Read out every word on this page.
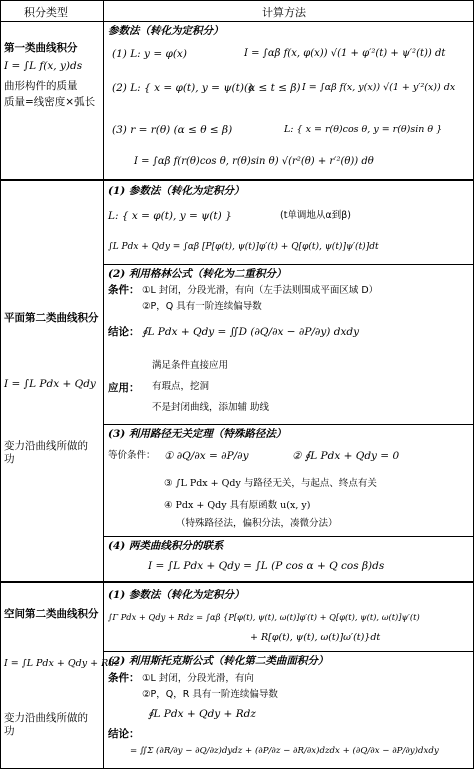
积分类型	计算方法
第一类曲线积分
I = ∫L f(x, y)ds
曲形构件的质量
质量=线密度×弧长
参数法（转化为定积分）
(1) L: y = φ(x)	I = ∫αβ f(x, φ(x)) √(1 + φ′²(t) + ψ′²(t)) dt
(2) L: { x = φ(t), y = ψ(t) }
(α ≤ t ≤ β) I = ∫αβ f(x, y(x)) √(1 + y′²(x)) dx
(3) r = r(θ) (α ≤ θ ≤ β)	L: { x = r(θ)cos θ, y = r(θ)sin θ }
I = ∫αβ f(r(θ)cos θ, r(θ)sin θ) √(r²(θ) + r′²(θ)) dθ
平面第二类曲线积分
I = ∫L Pdx + Qdy
变力沿曲线所做的功
(1) 参数法（转化为定积分）
L: { x = φ(t), y = ψ(t) }	(t单调地从α到β)
∫L Pdx + Qdy = ∫αβ [P[φ(t), ψ(t)]φ′(t) + Q[φ(t), ψ(t)]ψ′(t)]dt
(2) 利用格林公式（转化为二重积分）
条件： ①L 封闭，分段光滑，有向（左手法则围成平面区域 D）
②P，Q 具有一阶连续偏导数
结论： ∮L Pdx + Qdy = ∬D (∂Q/∂x − ∂P/∂y) dxdy
应用：
满足条件直接应用
有瑕点，挖洞
不是封闭曲线，添加辅 助线
(3) 利用路径无关定理（特殊路径法）
等价条件： ① ∂Q/∂x = ∂P/∂y	② ∮L Pdx + Qdy = 0
③ ∫L Pdx + Qdy 与路径无关，与起点、终点有关
④ Pdx + Qdy 具有原函数 u(x, y)
（特殊路径法，偏积分法，凑微分法）
(4) 两类曲线积分的联系
I = ∫L Pdx + Qdy = ∫L (P cos α + Q cos β)ds
空间第二类曲线积分
I = ∫L Pdx + Qdy + Rdz
变力沿曲线所做的功
(1) 参数法（转化为定积分）
∫Γ Pdx + Qdy + Rdz = ∫αβ {P[φ(t), ψ(t), ω(t)]φ′(t) + Q[φ(t), ψ(t), ω(t)]ψ′(t)
+ R[φ(t), ψ(t), ω(t)]ω′(t)}dt
(2) 利用斯托克斯公式（转化第二类曲面积分）
条件： ①L 封闭，分段光滑，有向
②P，Q，R 具有一阶连续偏导数
∮L Pdx + Qdy + Rdz
结论：
= ∬Σ (∂R/∂y − ∂Q/∂z)dydz + (∂P/∂z − ∂R/∂x)dzdx + (∂Q/∂x − ∂P/∂y)dxdy
